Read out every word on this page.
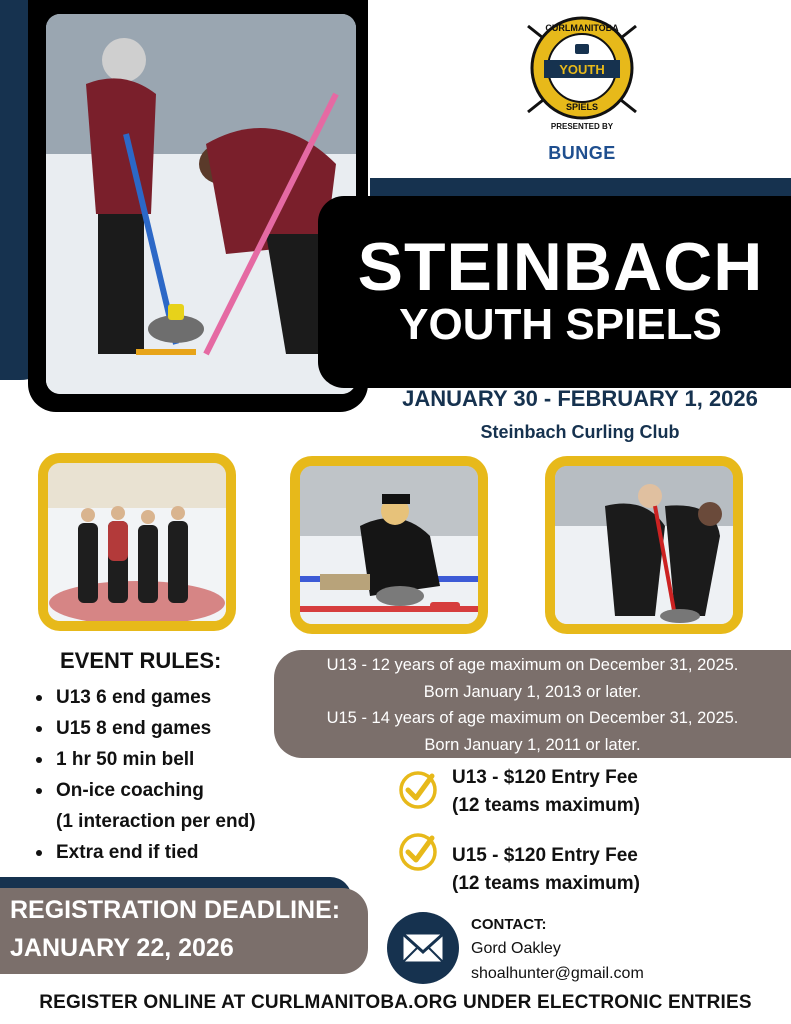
CURLMANITOBA
YOUTH
SPIELS
PRESENTED BY
BUNGE
STEINBACH
YOUTH SPIELS
JANUARY 30 - FEBRUARY 1, 2026
Steinbach Curling Club
EVENT RULES:
U13 6 end games
U15 8 end games
1 hr 50 min bell
On-ice coaching
(1 interaction per end)
Extra end if tied
U13 - 12 years of age maximum on December 31, 2025.
Born January 1, 2013 or later.
U15 - 14 years of age maximum on December 31, 2025.
Born January 1, 2011 or later.
U13 - $120 Entry Fee
(12 teams maximum)
U15 - $120 Entry Fee
(12 teams maximum)
REGISTRATION DEADLINE:
JANUARY 22, 2026
CONTACT:
Gord Oakley
shoalhunter@gmail.com
REGISTER ONLINE AT CURLMANITOBA.ORG UNDER ELECTRONIC ENTRIES
